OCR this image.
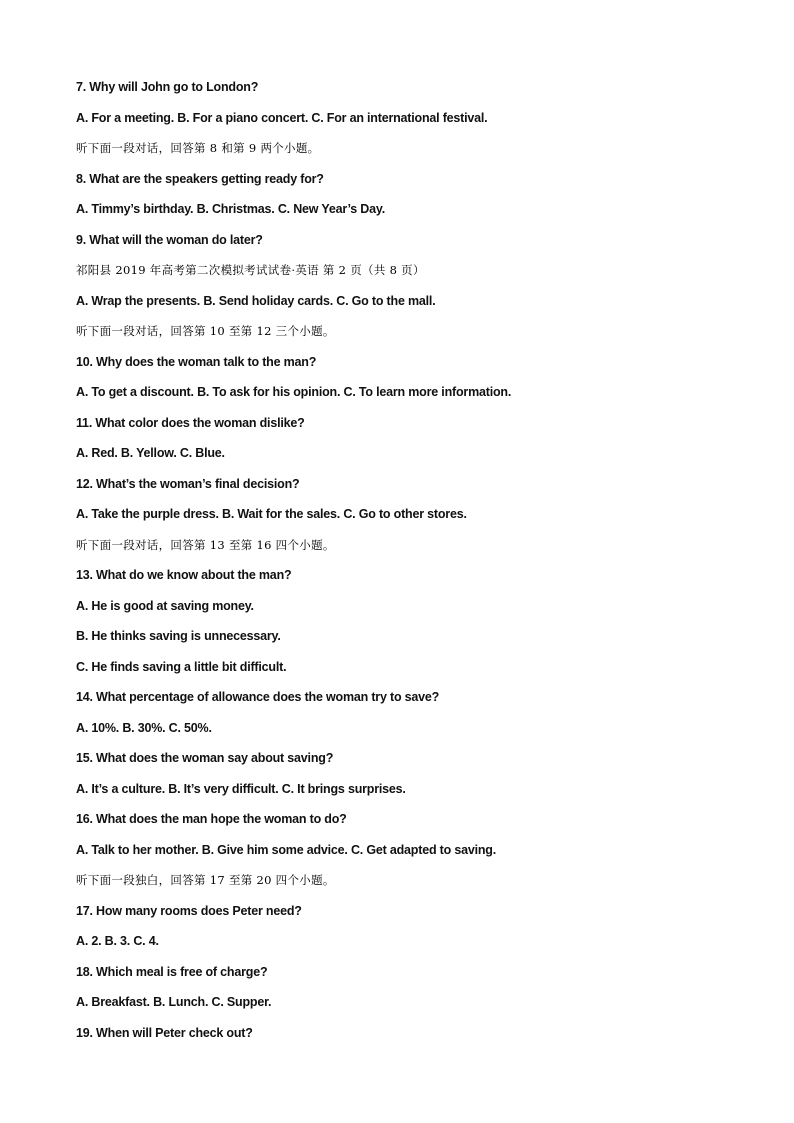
7. Why will John go to London?
A. For a meeting. B. For a piano concert. C. For an international festival.
听下面一段对话，回答第 8 和第 9 两个小题。
8. What are the speakers getting ready for?
A. Timmy’s birthday. B. Christmas. C. New Year’s Day.
9. What will the woman do later?
祁阳县 2019 年高考第二次模拟考试试卷·英语 第 2 页（共 8 页）
A. Wrap the presents. B. Send holiday cards. C. Go to the mall.
听下面一段对话，回答第 10 至第 12 三个小题。
10. Why does the woman talk to the man?
A. To get a discount. B. To ask for his opinion. C. To learn more information.
11. What color does the woman dislike?
A. Red. B. Yellow. C. Blue.
12. What’s the woman’s final decision?
A. Take the purple dress. B. Wait for the sales. C. Go to other stores.
听下面一段对话，回答第 13 至第 16 四个小题。
13. What do we know about the man?
A. He is good at saving money.
B. He thinks saving is unnecessary.
C. He finds saving a little bit difficult.
14. What percentage of allowance does the woman try to save?
A. 10%. B. 30%. C. 50%.
15. What does the woman say about saving?
A. It’s a culture. B. It’s very difficult. C. It brings surprises.
16. What does the man hope the woman to do?
A. Talk to her mother. B. Give him some advice. C. Get adapted to saving.
听下面一段独白，回答第 17 至第 20 四个小题。
17. How many rooms does Peter need?
A. 2. B. 3. C. 4.
18. Which meal is free of charge?
A. Breakfast. B. Lunch. C. Supper.
19. When will Peter check out?
